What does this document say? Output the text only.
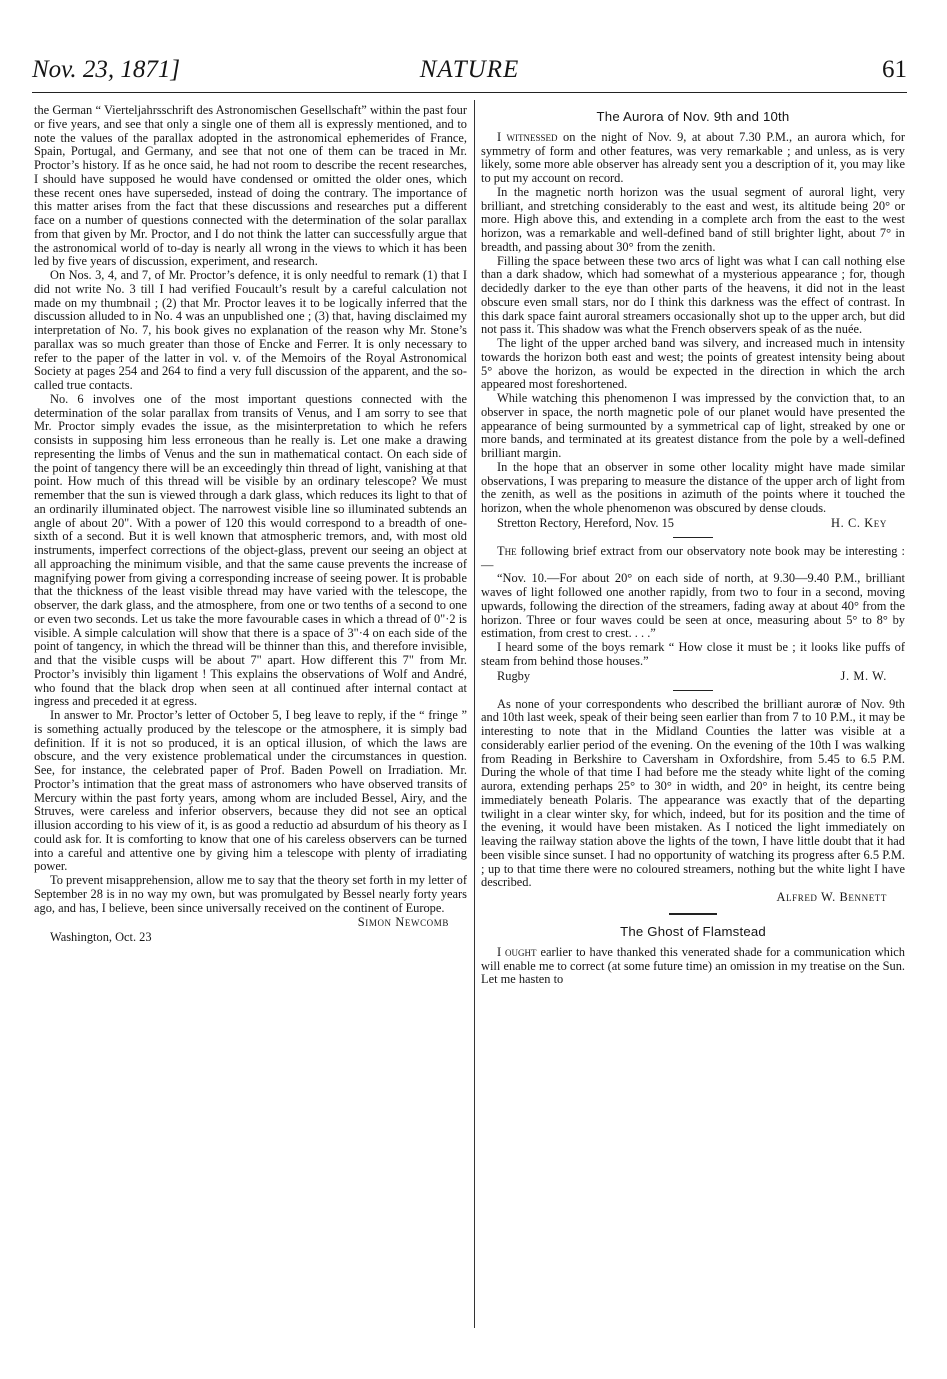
Nov. 23, 1871]	NATURE	61

the German “ Vierteljahrsschrift des Astronomischen Gesellschaft” within the past four or five years, and see that only a single one of them all is expressly mentioned, and to note the values of the parallax adopted in the astronomical ephemerides of France, Spain, Portugal, and Germany, and see that not one of them can be traced in Mr. Proctor’s history. If as he once said, he had not room to describe the recent researches, I should have supposed he would have condensed or omitted the older ones, which these recent ones have superseded, instead of doing the contrary. The importance of this matter arises from the fact that these discussions and researches put a different face on a number of questions connected with the determination of the solar parallax from that given by Mr. Proctor, and I do not think the latter can successfully argue that the astronomical world of to-day is nearly all wrong in the views to which it has been led by five years of discussion, experiment, and research.

On Nos. 3, 4, and 7, of Mr. Proctor’s defence, it is only needful to remark (1) that I did not write No. 3 till I had verified Foucault’s result by a careful calculation not made on my thumbnail ; (2) that Mr. Proctor leaves it to be logically inferred that the discussion alluded to in No. 4 was an unpublished one ; (3) that, having disclaimed my interpretation of No. 7, his book gives no explanation of the reason why Mr. Stone’s parallax was so much greater than those of Encke and Ferrer. It is only necessary to refer to the paper of the latter in vol. v. of the Memoirs of the Royal Astronomical Society at pages 254 and 264 to find a very full discussion of the apparent, and the so-called true contacts.

No. 6 involves one of the most important questions connected with the determination of the solar parallax from transits of Venus, and I am sorry to see that Mr. Proctor simply evades the issue, as the misinterpretation to which he refers consists in supposing him less erroneous than he really is. Let one make a drawing representing the limbs of Venus and the sun in mathematical contact. On each side of the point of tangency there will be an exceedingly thin thread of light, vanishing at that point. How much of this thread will be visible by an ordinary telescope? We must remember that the sun is viewed through a dark glass, which reduces its light to that of an ordinarily illuminated object. The narrowest visible line so illuminated subtends an angle of about 20". With a power of 120 this would correspond to a breadth of one-sixth of a second. But it is well known that atmospheric tremors, and, with most old instruments, imperfect corrections of the object-glass, prevent our seeing an object at all approaching the minimum visible, and that the same cause prevents the increase of magnifying power from giving a corresponding increase of seeing power. It is probable that the thickness of the least visible thread may have varied with the telescope, the observer, the dark glass, and the atmosphere, from one or two tenths of a second to one or even two seconds. Let us take the more favourable cases in which a thread of 0"·2 is visible. A simple calculation will show that there is a space of 3"·4 on each side of the point of tangency, in which the thread will be thinner than this, and therefore invisible, and that the visible cusps will be about 7" apart. How different this 7" from Mr. Proctor’s invisibly thin ligament ! This explains the observations of Wolf and André, who found that the black drop when seen at all continued after internal contact at ingress and preceded it at egress.

In answer to Mr. Proctor’s letter of October 5, I beg leave to reply, if the “ fringe ” is something actually produced by the telescope or the atmosphere, it is simply bad definition. If it is not so produced, it is an optical illusion, of which the laws are obscure, and the very existence problematical under the circumstances in question. See, for instance, the celebrated paper of Prof. Baden Powell on Irradiation. Mr. Proctor’s intimation that the great mass of astronomers who have observed transits of Mercury within the past forty years, among whom are included Bessel, Airy, and the Struves, were careless and inferior observers, because they did not see an optical illusion according to his view of it, is as good a reductio ad absurdum of his theory as I could ask for. It is comforting to know that one of his careless observers can be turned into a careful and attentive one by giving him a telescope with plenty of irradiating power.

To prevent misapprehension, allow me to say that the theory set forth in my letter of September 28 is in no way my own, but was promulgated by Bessel nearly forty years ago, and has, I believe, been since universally received on the continent of Europe.

Simon Newcomb
Washington, Oct. 23
The Aurora of Nov. 9th and 10th

I witnessed on the night of Nov. 9, at about 7.30 P.M., an aurora which, for symmetry of form and other features, was very remarkable ; and unless, as is very likely, some more able observer has already sent you a description of it, you may like to put my account on record.

In the magnetic north horizon was the usual segment of auroral light, very brilliant, and stretching considerably to the east and west, its altitude being 20° or more. High above this, and extending in a complete arch from the east to the west horizon, was a remarkable and well-defined band of still brighter light, about 7° in breadth, and passing about 30° from the zenith.

Filling the space between these two arcs of light was what I can call nothing else than a dark shadow, which had somewhat of a mysterious appearance ; for, though decidedly darker to the eye than other parts of the heavens, it did not in the least obscure even small stars, nor do I think this darkness was the effect of contrast. In this dark space faint auroral streamers occasionally shot up to the upper arch, but did not pass it. This shadow was what the French observers speak of as the nuée.

The light of the upper arched band was silvery, and increased much in intensity towards the horizon both east and west; the points of greatest intensity being about 5° above the horizon, as would be expected in the direction in which the arch appeared most foreshortened.

While watching this phenomenon I was impressed by the conviction that, to an observer in space, the north magnetic pole of our planet would have presented the appearance of being surmounted by a symmetrical cap of light, streaked by one or more bands, and terminated at its greatest distance from the pole by a well-defined brilliant margin.

In the hope that an observer in some other locality might have made similar observations, I was preparing to measure the distance of the upper arch of light from the zenith, as well as the positions in azimuth of the points where it touched the horizon, when the whole phenomenon was obscured by dense clouds.

Stretton Rectory, Hereford, Nov. 15	H. C. Key

The following brief extract from our observatory note book may be interesting :—

“Nov. 10.—For about 20° on each side of north, at 9.30—9.40 P.M., brilliant waves of light followed one another rapidly, from two to four in a second, moving upwards, following the direction of the streamers, fading away at about 40° from the horizon. Three or four waves could be seen at once, measuring about 5° to 8° by estimation, from crest to crest. . . .”

I heard some of the boys remark “ How close it must be ; it looks like puffs of steam from behind those houses.”

Rugby	J. M. W.

As none of your correspondents who described the brilliant auroræ of Nov. 9th and 10th last week, speak of their being seen earlier than from 7 to 10 P.M., it may be interesting to note that in the Midland Counties the latter was visible at a considerably earlier period of the evening. On the evening of the 10th I was walking from Reading in Berkshire to Caversham in Oxfordshire, from 5.45 to 6.5 P.M. During the whole of that time I had before me the steady white light of the coming aurora, extending perhaps 25° to 30° in width, and 20° in height, its centre being immediately beneath Polaris. The appearance was exactly that of the departing twilight in a clear winter sky, for which, indeed, but for its position and the time of the evening, it would have been mistaken. As I noticed the light immediately on leaving the railway station above the lights of the town, I have little doubt that it had been visible since sunset. I had no opportunity of watching its progress after 6.5 P.M. ; up to that time there were no coloured streamers, nothing but the white light I have described.

Alfred W. Bennett
The Ghost of Flamstead

I ought earlier to have thanked this venerated shade for a communication which will enable me to correct (at some future time) an omission in my treatise on the Sun. Let me hasten to
